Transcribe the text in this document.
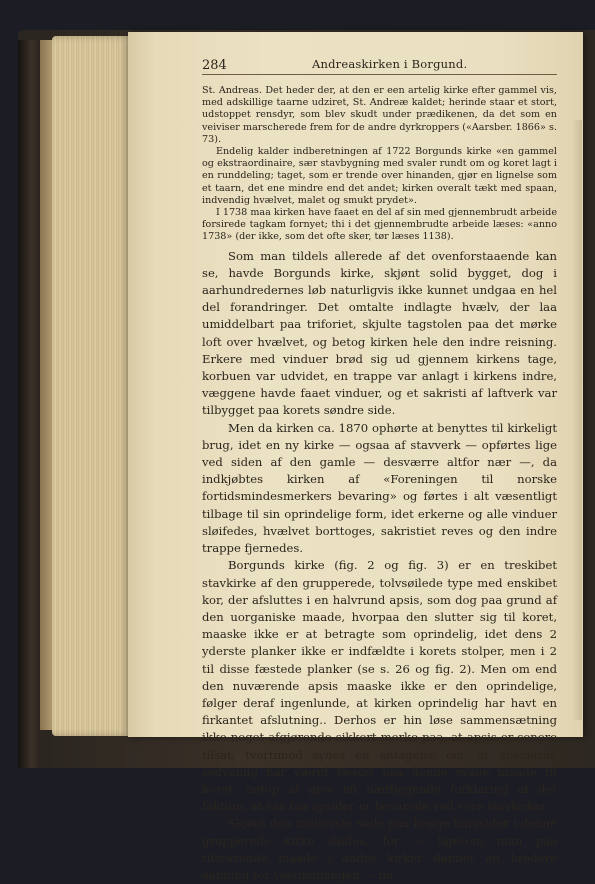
284	Andreaskirken i Borgund.

St. Andreas. Det heder der, at den er een artelig kirke efter gammel vis, med adskillige taarne udziret, St. Andreæ kaldet; herinde staar et stort, udstoppet rensdyr, som blev skudt under prædikenen, da det som en veiviser marscherede frem for de andre dyrkroppers («Aarsber. 1866» s. 73).

Endelig kalder indberetningen af 1722 Borgunds kirke «en gammel og ekstraordinaire, sær stavbygning med svaler rundt om og koret lagt i en runddeling; taget, som er trende over hinanden, gjør en lignelse som et taarn, det ene mindre end det andet; kirken overalt tækt med spaan, indvendig hvælvet, malet og smukt prydet».

I 1738 maa kirken have faaet en del af sin med gjennembrudt arbeide forsirede tagkam fornyet; thi i det gjennembrudte arbeide læses: «anno 1738» (der ikke, som det ofte sker, tør læses 1138).

Som man tildels allerede af det ovenforstaaende kan se, havde Borgunds kirke, skjønt solid bygget, dog i aarhundredernes løb naturligvis ikke kunnet undgaa en hel del forandringer. Det omtalte indlagte hvælv, der laa umiddelbart paa triforiet, skjulte tagstolen paa det mørke loft over hvælvet, og betog kirken hele den indre reisning. Erkere med vinduer brød sig ud gjennem kirkens tage, korbuen var udvidet, en trappe var anlagt i kirkens indre, væggene havde faaet vinduer, og et sakristi af laftverk var tilbygget paa korets søndre side.

Men da kirken ca. 1870 ophørte at benyttes til kirkeligt brug, idet en ny kirke — ogsaa af stavverk — opførtes lige ved siden af den gamle — desværre altfor nær —, da indkjøbtes kirken af «Foreningen til norske fortidsmindesmerkers bevaring» og førtes i alt væsentligt tilbage til sin oprindelige form, idet erkerne og alle vinduer sløifedes, hvælvet borttoges, sakristiet reves og den indre trappe fjernedes.

Borgunds kirke (fig. 2 og fig. 3) er en treskibet stavkirke af den grupperede, tolvsøilede type med enskibet kor, der afsluttes i en halvrund apsis, som dog paa grund af den uorganiske maade, hvorpaa den slutter sig til koret, maaske ikke er at betragte som oprindelig, idet dens 2 yderste planker ikke er indfældte i korets stolper, men i 2 til disse fæstede planker (se s. 26 og fig. 2). Men om end den nuværende apsis maaske ikke er den oprindelige, følger deraf ingenlunde, at kirken oprindelig har havt en firkantet afslutning.. Derhos er hin løse sammensætning ikke noget afgjørende sikkert merke paa, at apsis er senere tilsat; tvertimod synes en antagelse om, at apsiderne sedvanlig har været fæstet paa denne svage maade til koret, netop at give en nærliggende forklaring af det faktum, at saa faa apsider er bevarede ved vore stavkirker.

Skjønt den midterste søile paa begge langsider i denne grupperede kirke sløifes, for — ligesom man paa tilsvarende maade i andre kirker danner en bredere aabning for vestindgangen — nu
